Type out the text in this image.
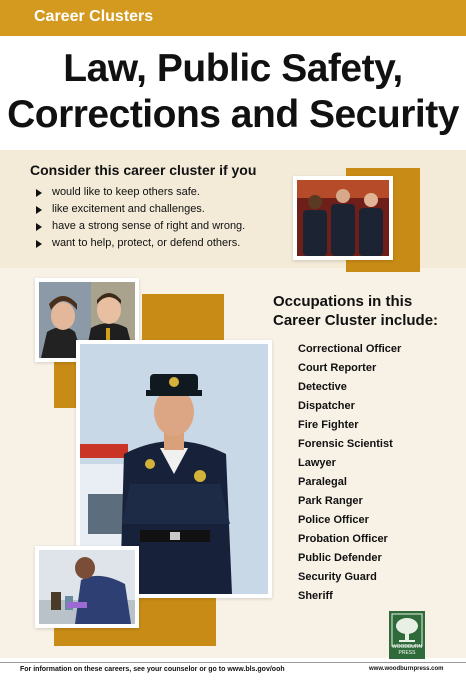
Career Clusters
Law, Public Safety,
Corrections and Security
Consider this career cluster if you
would like to keep others safe.
like excitement and challenges.
have a strong sense of right and wrong.
want to help, protect, or defend others.
Occupations in this
Career Cluster include:
Correctional Officer
Court Reporter
Detective
Dispatcher
Fire Fighter
Forensic Scientist
Lawyer
Paralegal
Park Ranger
Police Officer
Probation Officer
Public Defender
Security Guard
Sheriff
WOODBURN PRESS
For information on these careers, see your counselor or go to www.bls.gov/ooh	www.woodburnpress.com
